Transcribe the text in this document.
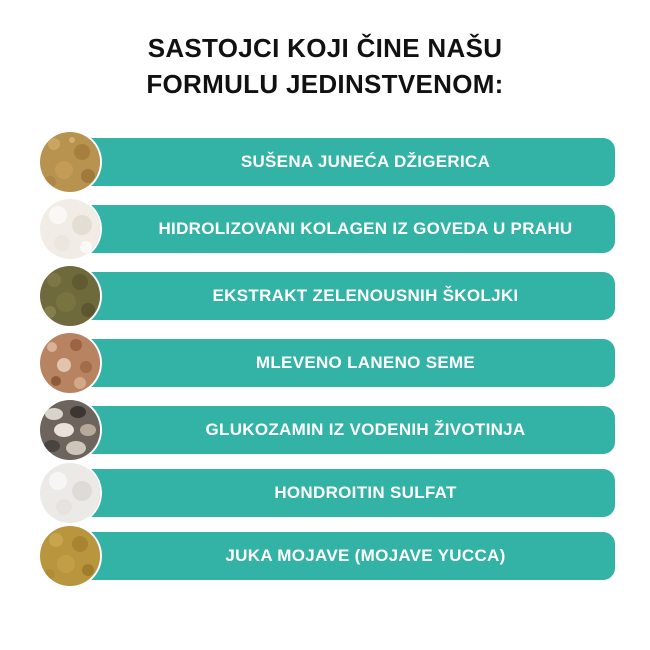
SASTOJCI KOJI ČINE NAŠU
FORMULU JEDINSTVENOM:
SUŠENA JUNEĆA DŽIGERICA
HIDROLIZOVANI KOLAGEN IZ GOVEDA U PRAHU
EKSTRAKT ZELENOUSNIH ŠKOLJKI
MLEVENO LANENO SEME
GLUKOZAMIN IZ VODENIH ŽIVOTINJA
HONDROITIN SULFAT
JUKA MOJAVE (MOJAVE YUCCA)
